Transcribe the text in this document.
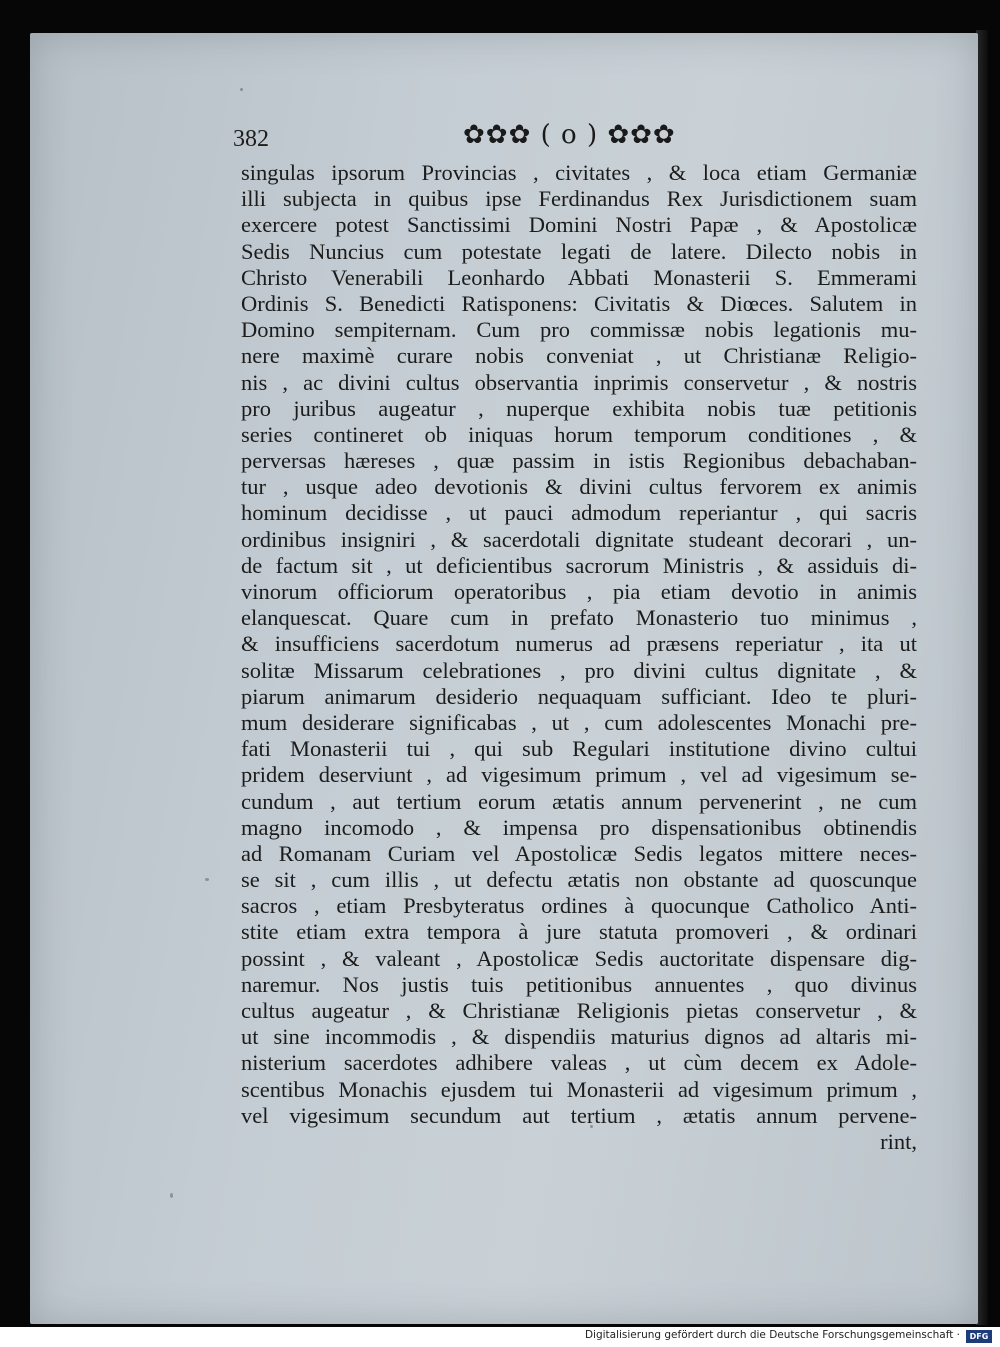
382	✿✿✿ ( o ) ✿✿✿
singulas ipsorum Provincias , civitates , & loca etiam Germaniæ
illi subjecta in quibus ipse Ferdinandus Rex Jurisdictionem suam
exercere potest Sanctissimi Domini Nostri Papæ , & Apostolicæ
Sedis Nuncius cum potestate legati de latere. Dilecto nobis in
Christo Venerabili Leonhardo Abbati Monasterii S. Emmerami
Ordinis S. Benedicti Ratisponens: Civitatis & Diœces. Salutem in
Domino sempiternam. Cum pro commissæ nobis legationis mu-
nere maximè curare nobis conveniat , ut Christianæ Religio-
nis , ac divini cultus observantia inprimis conservetur , & nostris
pro juribus augeatur , nuperque exhibita nobis tuæ petitionis
series contineret ob iniquas horum temporum conditiones , &
perversas hæreses , quæ passim in istis Regionibus debachaban-
tur , usque adeo devotionis & divini cultus fervorem ex animis
hominum decidisse , ut pauci admodum reperiantur , qui sacris
ordinibus insigniri , & sacerdotali dignitate studeant decorari , un-
de factum sit , ut deficientibus sacrorum Ministris , & assiduis di-
vinorum officiorum operatoribus , pia etiam devotio in animis
elanquescat. Quare cum in prefato Monasterio tuo minimus ,
& insufficiens sacerdotum numerus ad præsens reperiatur , ita ut
solitæ Missarum celebrationes , pro divini cultus dignitate , &
piarum animarum desiderio nequaquam sufficiant. Ideo te pluri-
mum desiderare significabas , ut , cum adolescentes Monachi pre-
fati Monasterii tui , qui sub Regulari institutione divino cultui
pridem deserviunt , ad vigesimum primum , vel ad vigesimum se-
cundum , aut tertium eorum ætatis annum pervenerint , ne cum
magno incomodo , & impensa pro dispensationibus obtinendis
ad Romanam Curiam vel Apostolicæ Sedis legatos mittere neces-
se sit , cum illis , ut defectu ætatis non obstante ad quoscunque
sacros , etiam Presbyteratus ordines à quocunque Catholico Anti-
stite etiam extra tempora à jure statuta promoveri , & ordinari
possint , & valeant , Apostolicæ Sedis auctoritate dispensare dig-
naremur. Nos justis tuis petitionibus annuentes , quo divinus
cultus augeatur , & Christianæ Religionis pietas conservetur , &
ut sine incommodis , & dispendiis maturius dignos ad altaris mi-
nisterium sacerdotes adhibere valeas , ut cùm decem ex Adole-
scentibus Monachis ejusdem tui Monasterii ad vigesimum primum ,
vel vigesimum secundum aut tertium , ætatis annum pervene-
rint,
Digitalisierung gefördert durch die Deutsche Forschungsgemeinschaft ·	DFG
